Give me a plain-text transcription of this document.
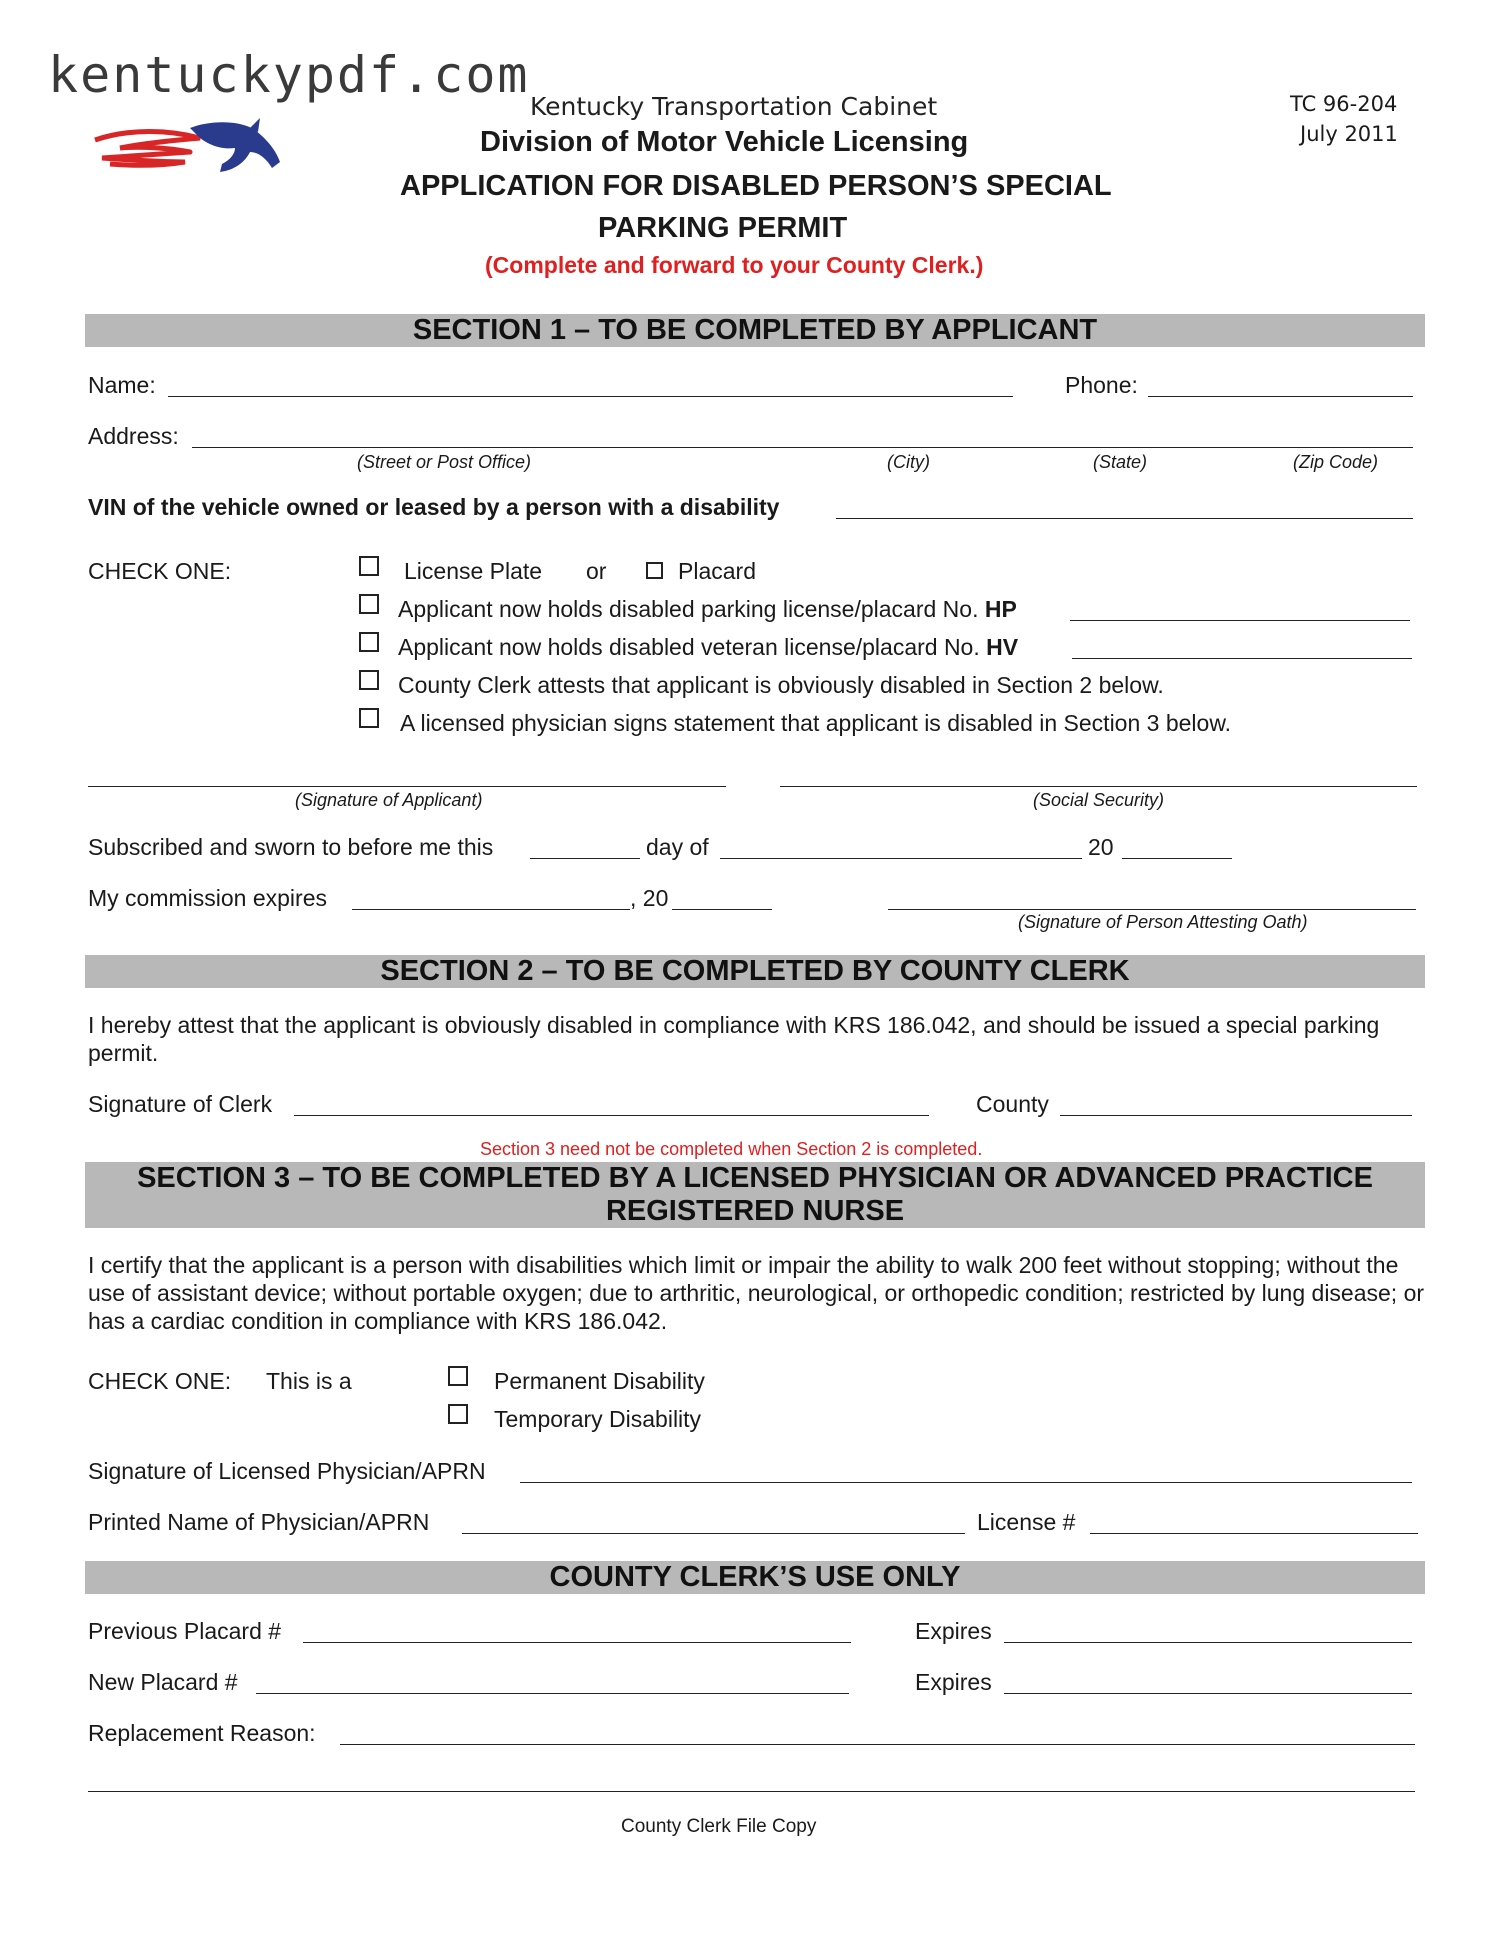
kentuckypdf.com
Kentucky Transportation Cabinet
Division of Motor Vehicle Licensing
APPLICATION FOR DISABLED PERSON’S SPECIAL
PARKING PERMIT
(Complete and forward to your County Clerk.)
TC 96-204
July 2011
SECTION 1 – TO BE COMPLETED BY APPLICANT
Name:	Phone:
Address:
(Street or Post Office)	(City)	(State)	(Zip Code)
VIN of the vehicle owned or leased by a person with a disability
CHECK ONE:	License Plate or	Placard
Applicant now holds disabled parking license/placard No. HP
Applicant now holds disabled veteran license/placard No. HV
County Clerk attests that applicant is obviously disabled in Section 2 below.
A licensed physician signs statement that applicant is disabled in Section 3 below.
(Signature of Applicant)	(Social Security)
Subscribed and sworn to before me this	day of	20
My commission expires	, 20
(Signature of Person Attesting Oath)
SECTION 2 – TO BE COMPLETED BY COUNTY CLERK
I hereby attest that the applicant is obviously disabled in compliance with KRS 186.042, and should be issued a special parking permit.
Signature of Clerk	County
Section 3 need not be completed when Section 2 is completed.
SECTION 3 – TO BE COMPLETED BY A LICENSED PHYSICIAN OR ADVANCED PRACTICE
REGISTERED NURSE
I certify that the applicant is a person with disabilities which limit or impair the ability to walk 200 feet without stopping; without the use of assistant device; without portable oxygen; due to arthritic, neurological, or orthopedic condition; restricted by lung disease; or has a cardiac condition in compliance with KRS 186.042.
CHECK ONE: This is a	Permanent Disability
Temporary Disability
Signature of Licensed Physician/APRN
Printed Name of Physician/APRN	License #
COUNTY CLERK’S USE ONLY
Previous Placard #	Expires
New Placard #	Expires
Replacement Reason:
County Clerk File Copy
